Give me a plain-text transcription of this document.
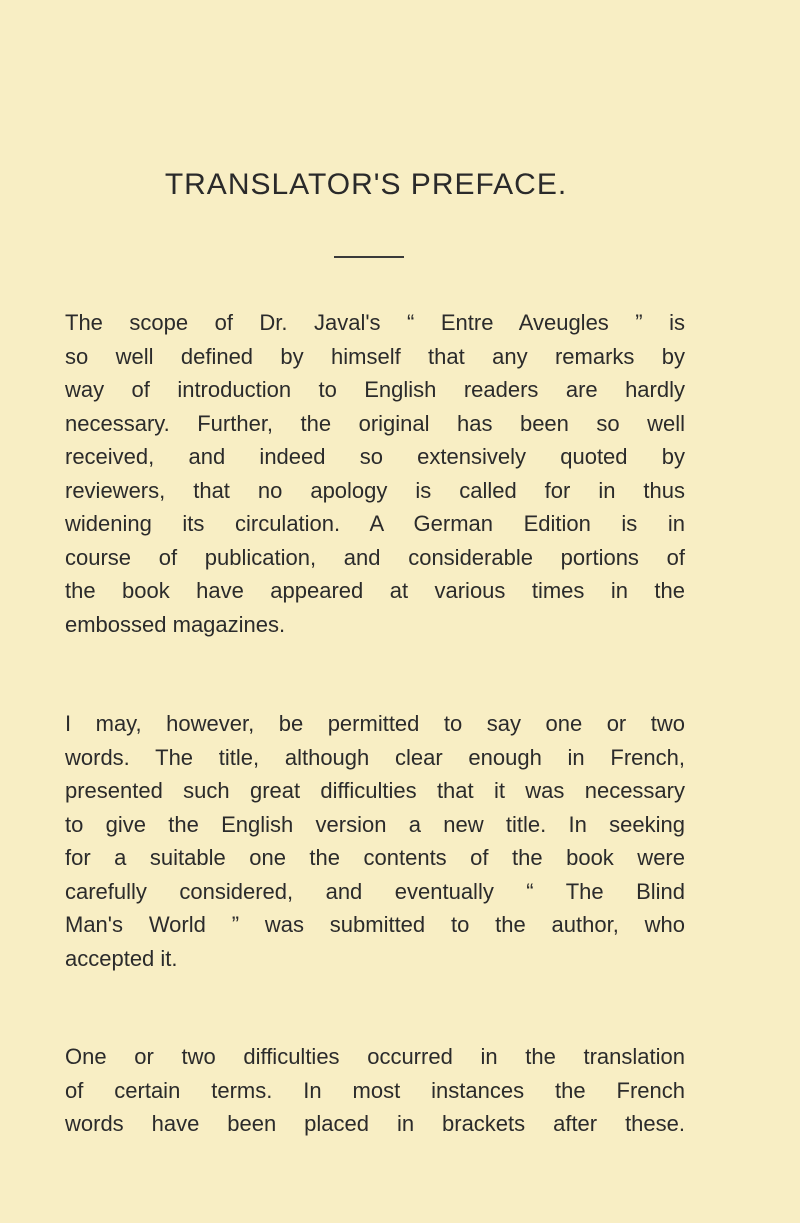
TRANSLATOR'S PREFACE.
The scope of Dr. Javal's “ Entre Aveugles ” is
so well defined by himself that any remarks by
way of introduction to English readers are hardly
necessary. Further, the original has been so well
received, and indeed so extensively quoted by
reviewers, that no apology is called for in thus
widening its circulation. A German Edition is in
course of publication, and considerable portions of
the book have appeared at various times in the
embossed magazines.
I may, however, be permitted to say one or two
words. The title, although clear enough in French,
presented such great difficulties that it was necessary
to give the English version a new title. In seeking
for a suitable one the contents of the book were
carefully considered, and eventually “ The Blind
Man's World ” was submitted to the author, who
accepted it.
One or two difficulties occurred in the translation
of certain terms. In most instances the French
words have been placed in brackets after these.
